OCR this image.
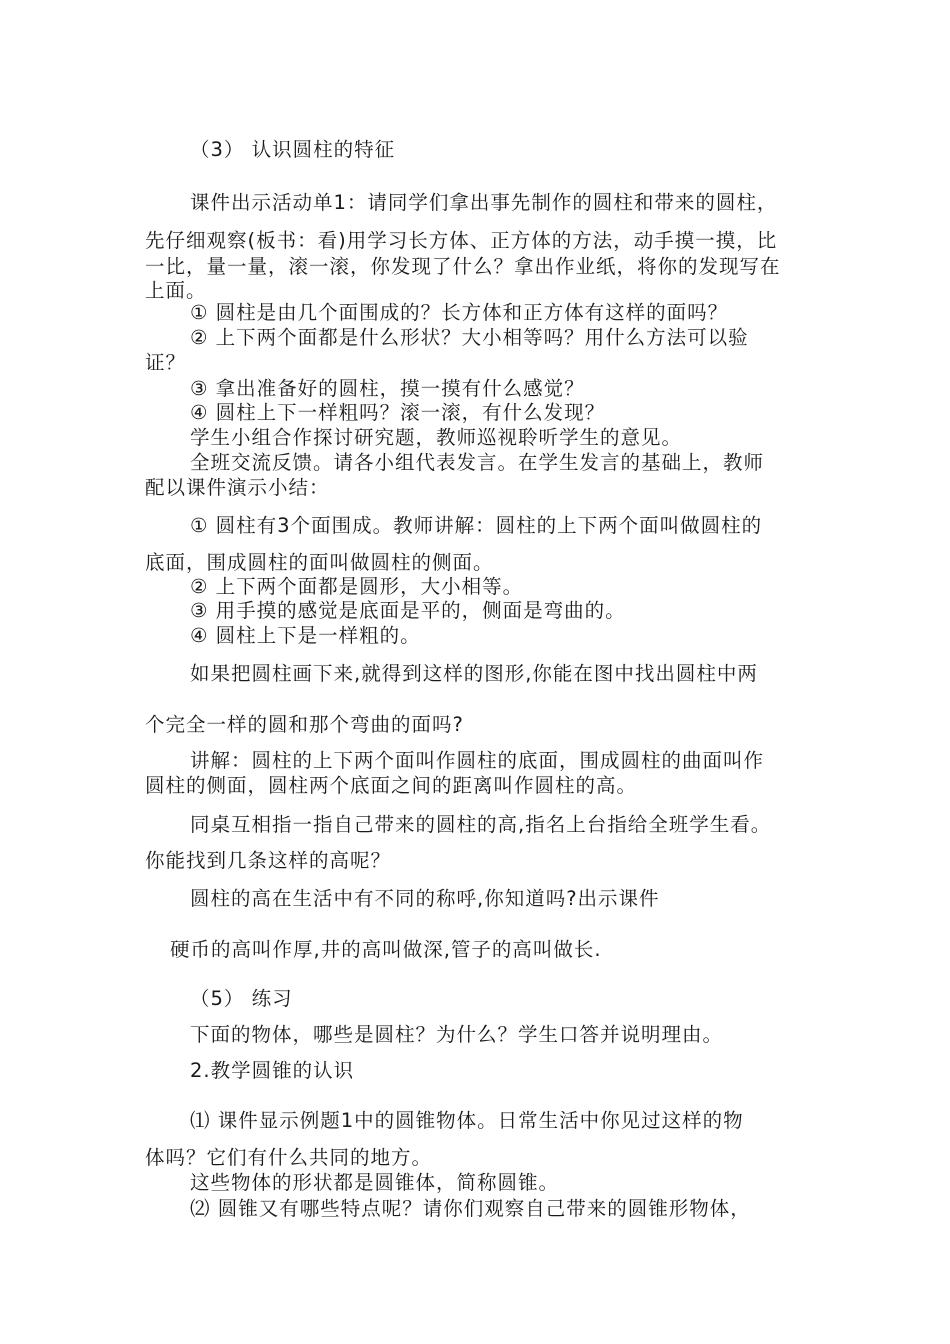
（3） 认识圆柱的特征
课件出示活动单1：请同学们拿出事先制作的圆柱和带来的圆柱，
先仔细观察(板书：看)用学习长方体、正方体的方法，动手摸一摸，比
一比，量一量，滚一滚，你发现了什么？拿出作业纸，将你的发现写在
上面。
① 圆柱是由几个面围成的？长方体和正方体有这样的面吗？
② 上下两个面都是什么形状？大小相等吗？用什么方法可以验
证？
③ 拿出准备好的圆柱，摸一摸有什么感觉？
④ 圆柱上下一样粗吗？滚一滚，有什么发现？
学生小组合作探讨研究题，教师巡视聆听学生的意见。
全班交流反馈。请各小组代表发言。在学生发言的基础上，教师
配以课件演示小结：
① 圆柱有3个面围成。教师讲解：圆柱的上下两个面叫做圆柱的
底面，围成圆柱的面叫做圆柱的侧面。
② 上下两个面都是圆形，大小相等。
③ 用手摸的感觉是底面是平的，侧面是弯曲的。
④ 圆柱上下是一样粗的。
如果把圆柱画下来,就得到这样的图形,你能在图中找出圆柱中两
个完全一样的圆和那个弯曲的面吗?
讲解：圆柱的上下两个面叫作圆柱的底面，围成圆柱的曲面叫作
圆柱的侧面，圆柱两个底面之间的距离叫作圆柱的高。
同桌互相指一指自己带来的圆柱的高,指名上台指给全班学生看。
你能找到几条这样的高呢？
圆柱的高在生活中有不同的称呼,你知道吗?出示课件
硬币的高叫作厚,井的高叫做深,管子的高叫做长.
（5） 练习
下面的物体，哪些是圆柱？为什么？学生口答并说明理由。
2.教学圆锥的认识
⑴ 课件显示例题1中的圆锥物体。日常生活中你见过这样的物
体吗？它们有什么共同的地方。
这些物体的形状都是圆锥体，简称圆锥。
⑵ 圆锥又有哪些特点呢？请你们观察自己带来的圆锥形物体，
